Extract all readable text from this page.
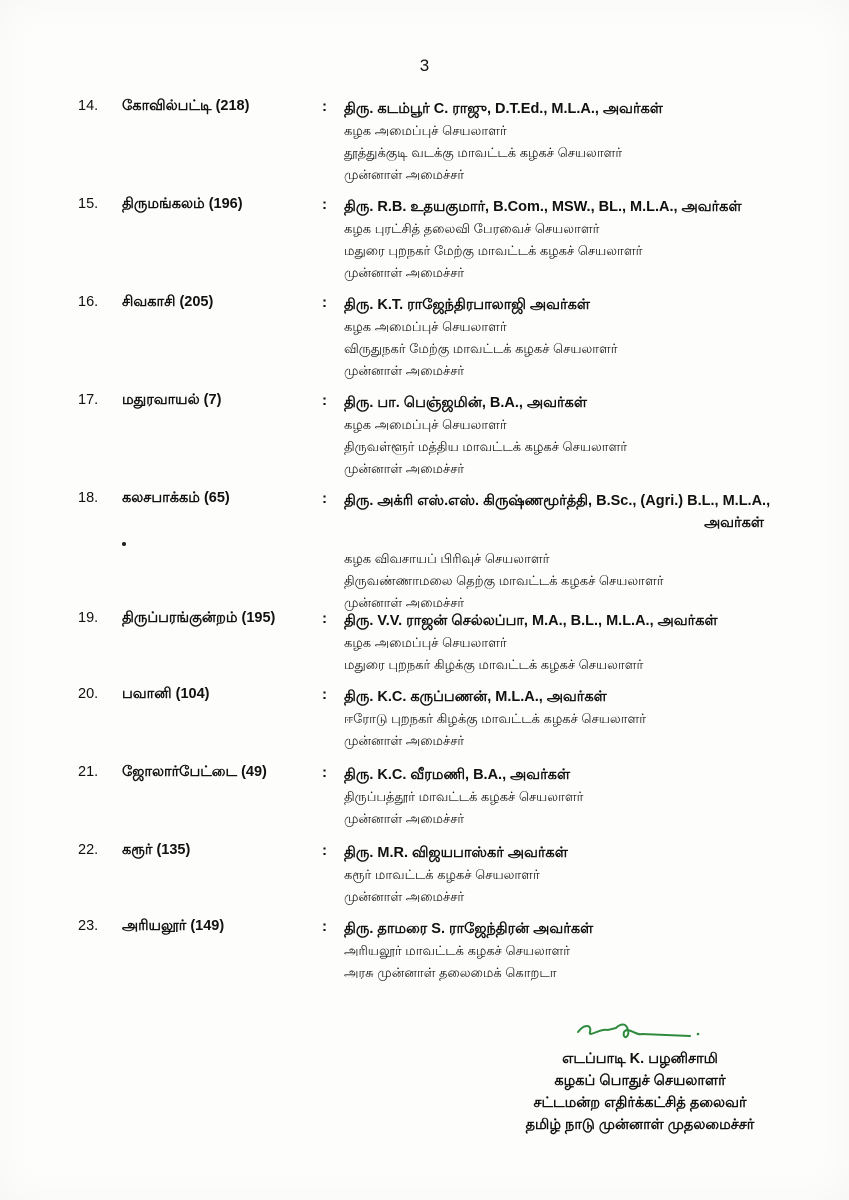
3
14. கோவில்பட்டி (218)	: திரு. கடம்பூர் C. ராஜு, D.T.Ed., M.L.A., அவர்கள்
கழக அமைப்புச் செயலாளர்
தூத்துக்குடி வடக்கு மாவட்டக் கழகச் செயலாளர்
முன்னாள் அமைச்சர்
15. திருமங்கலம் (196)	: திரு. R.B. உதயகுமார், B.Com., MSW., BL., M.L.A., அவர்கள்
கழக புரட்சித் தலைவி பேரவைச் செயலாளர்
மதுரை புறநகர் மேற்கு மாவட்டக் கழகச் செயலாளர்
முன்னாள் அமைச்சர்
16. சிவகாசி (205)	: திரு. K.T. ராஜேந்திரபாலாஜி அவர்கள்
கழக அமைப்புச் செயலாளர்
விருதுநகர் மேற்கு மாவட்டக் கழகச் செயலாளர்
முன்னாள் அமைச்சர்
17. மதுரவாயல் (7)	: திரு. பா. பெஞ்ஜமின், B.A., அவர்கள்
கழக அமைப்புச் செயலாளர்
திருவள்ளூர் மத்திய மாவட்டக் கழகச் செயலாளர்
முன்னாள் அமைச்சர்
18. கலசபாக்கம் (65)	: திரு. அக்ரி எஸ்.எஸ். கிருஷ்ணமூர்த்தி, B.Sc., (Agri.) B.L., M.L.A.,
அவர்கள்
கழக விவசாயப் பிரிவுச் செயலாளர்
திருவண்ணாமலை தெற்கு மாவட்டக் கழகச் செயலாளர்
முன்னாள் அமைச்சர்
19. திருப்பரங்குன்றம் (195)	: திரு. V.V. ராஜன் செல்லப்பா, M.A., B.L., M.L.A., அவர்கள்
கழக அமைப்புச் செயலாளர்
மதுரை புறநகர் கிழக்கு மாவட்டக் கழகச் செயலாளர்
20. பவானி (104)	: திரு. K.C. கருப்பணன், M.L.A., அவர்கள்
ஈரோடு புறநகர் கிழக்கு மாவட்டக் கழகச் செயலாளர்
முன்னாள் அமைச்சர்
21. ஜோலார்பேட்டை (49)	: திரு. K.C. வீரமணி, B.A., அவர்கள்
திருப்பத்தூர் மாவட்டக் கழகச் செயலாளர்
முன்னாள் அமைச்சர்
22. கரூர் (135)	: திரு. M.R. விஜயபாஸ்கர் அவர்கள்
கரூர் மாவட்டக் கழகச் செயலாளர்
முன்னாள் அமைச்சர்
23. அரியலூர் (149)	: திரு. தாமரை S. ராஜேந்திரன் அவர்கள்
அரியலூர் மாவட்டக் கழகச் செயலாளர்
அரசு முன்னாள் தலைமைக் கொறடா
எடப்பாடி K. பழனிசாமி
கழகப் பொதுச் செயலாளர்
சட்டமன்ற எதிர்க்கட்சித் தலைவர்
தமிழ் நாடு முன்னாள் முதலமைச்சர்
